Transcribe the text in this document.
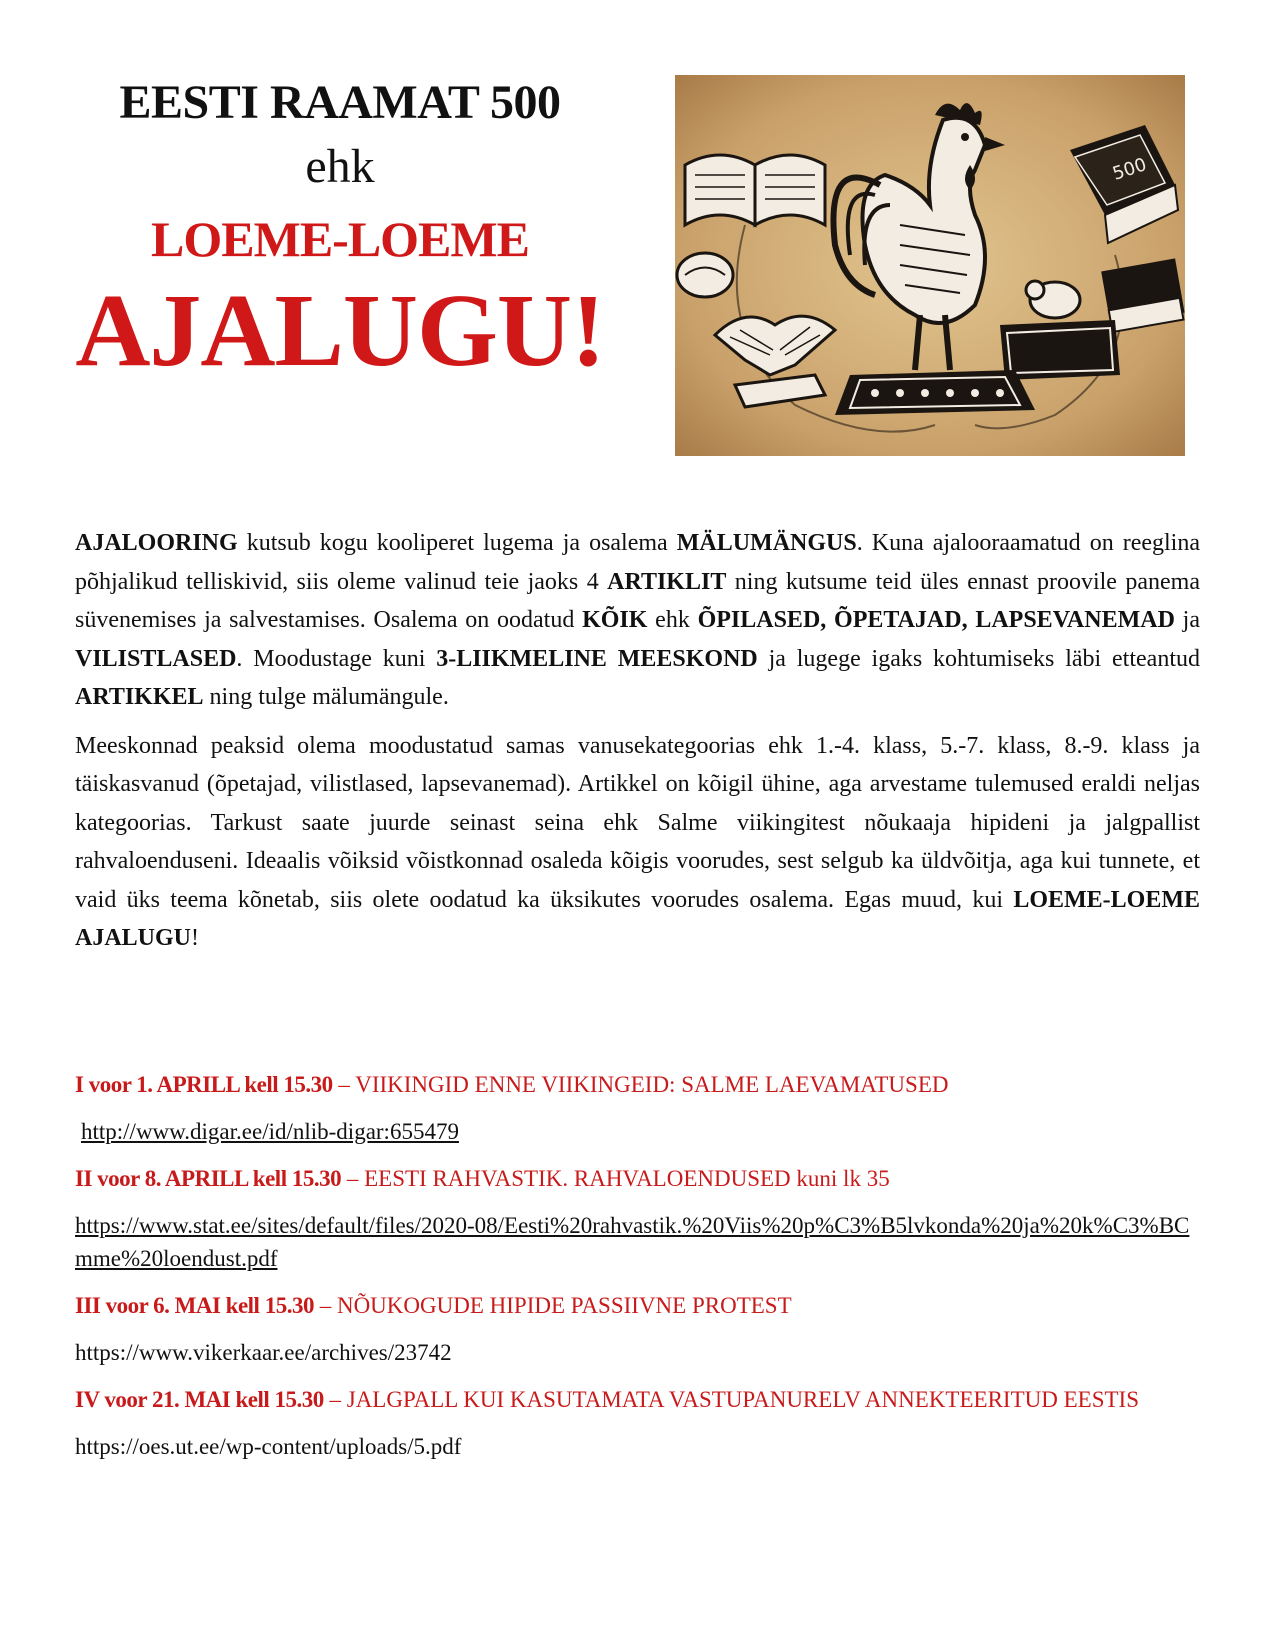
EESTI RAAMAT 500
ehk
LOEME-LOEME
AJALUGU!
500

AJALOORING kutsub kogu kooliperet lugema ja osalema MÄLUMÄNGUS. Kuna ajalooraamatud on reeglina põhjalikud telliskivid, siis oleme valinud teie jaoks 4 ARTIKLIT ning kutsume teid üles ennast proovile panema süvenemises ja salvestamises. Osalema on oodatud KÕIK ehk ÕPILASED, ÕPETAJAD, LAPSEVANEMAD ja VILISTLASED. Moodustage kuni 3-LIIKMELINE MEESKOND ja lugege igaks kohtumiseks läbi etteantud ARTIKKEL ning tulge mälumängule.

Meeskonnad peaksid olema moodustatud samas vanusekategoorias ehk 1.-4. klass, 5.-7. klass, 8.-9. klass ja täiskasvanud (õpetajad, vilistlased, lapsevanemad). Artikkel on kõigil ühine, aga arvestame tulemused eraldi neljas kategoorias. Tarkust saate juurde seinast seina ehk Salme viikingitest nõukaaja hipideni ja jalgpallist rahvaloenduseni. Ideaalis võiksid võistkonnad osaleda kõigis voorudes, sest selgub ka üldvõitja, aga kui tunnete, et vaid üks teema kõnetab, siis olete oodatud ka üksikutes voorudes osalema. Egas muud, kui LOEME-LOEME AJALUGU!

I voor 1. APRILL kell 15.30 – VIIKINGID ENNE VIIKINGEID: SALME LAEVAMATUSED
http://www.digar.ee/id/nlib-digar:655479
II voor 8. APRILL kell 15.30 – EESTI RAHVASTIK. RAHVALOENDUSED kuni lk 35
https://www.stat.ee/sites/default/files/2020-08/Eesti%20rahvastik.%20Viis%20p%C3%B5lvkonda%20ja%20k%C3%BCmme%20loendust.pdf
III voor 6. MAI kell 15.30 – NÕUKOGUDE HIPIDE PASSIIVNE PROTEST
https://www.vikerkaar.ee/archives/23742
IV voor 21. MAI kell 15.30 – JALGPALL KUI KASUTAMATA VASTUPANURELV ANNEKTEERITUD EESTIS
https://oes.ut.ee/wp-content/uploads/5.pdf
